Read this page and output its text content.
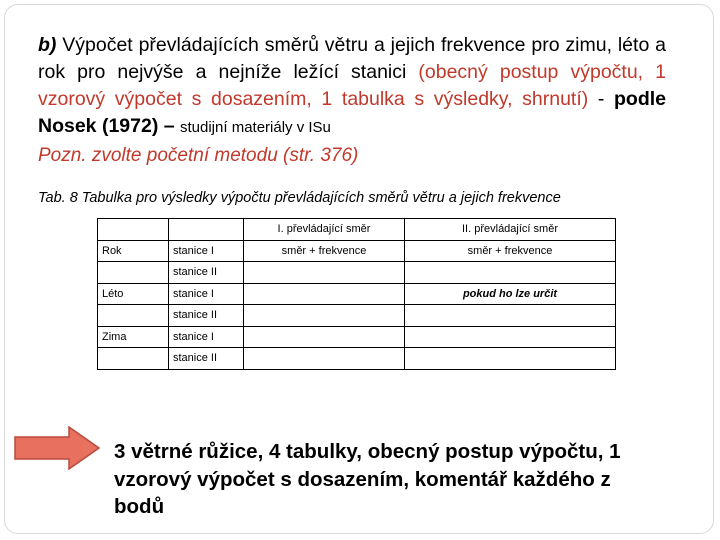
b) Výpočet převládajících směrů větru a jejich frekvence pro zimu, léto a rok pro nejvýše a nejníže ležící stanici (obecný postup výpočtu, 1 vzorový výpočet s dosazením, 1 tabulka s výsledky, shrnutí) - podle Nosek (1972) – studijní materiály v ISu
Pozn. zvolte početní metodu (str. 376)
Tab. 8 Tabulka pro výsledky výpočtu převládajících směrů větru a jejich frekvence
		I. převládající směr	II. převládající směr
Rok	stanice I	směr + frekvence	směr + frekvence
	stanice II		
Léto	stanice I		pokud ho lze určit
	stanice II		
Zima	stanice I		
	stanice II		
3 větrné růžice, 4 tabulky, obecný postup výpočtu, 1 vzorový výpočet s dosazením, komentář každého z bodů
